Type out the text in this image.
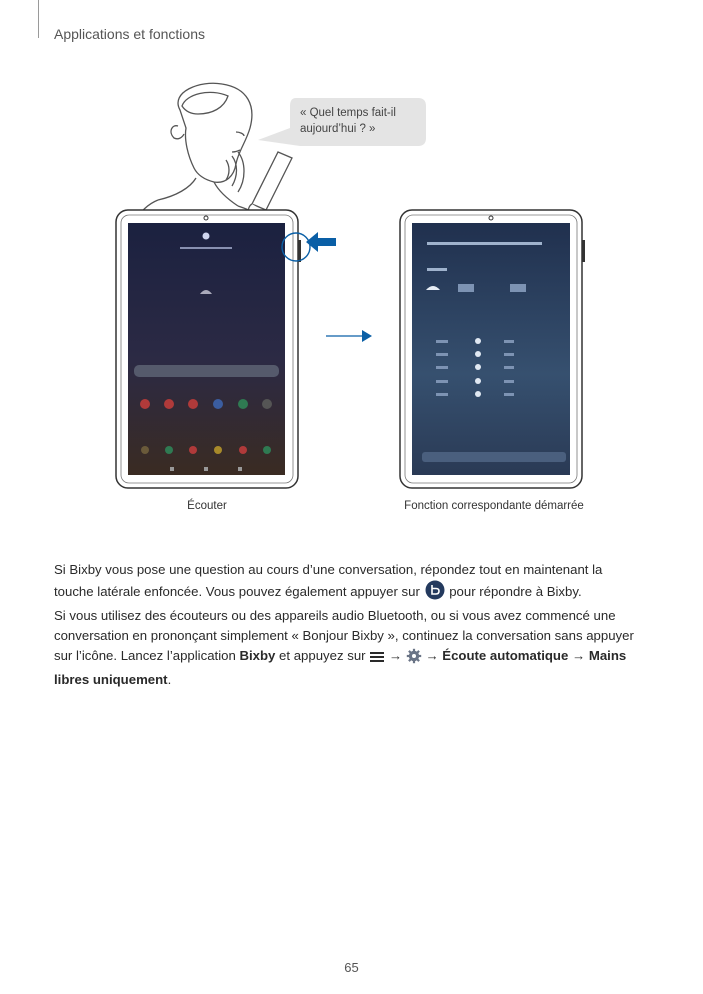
Applications et fonctions
« Quel temps fait-il
aujourd’hui ? »
Écouter	Fonction correspondante démarrée
Si Bixby vous pose une question au cours d’une conversation, répondez tout en maintenant la
touche latérale enfoncée. Vous pouvez également appuyer sur pour répondre à Bixby.
Si vous utilisez des écouteurs ou des appareils audio Bluetooth, ou si vous avez commencé une
conversation en prononçant simplement « Bonjour Bixby », continuez la conversation sans appuyer
sur l’icône. Lancez l’application Bixby et appuyez sur → → Écoute automatique → Mains
libres uniquement.
65
